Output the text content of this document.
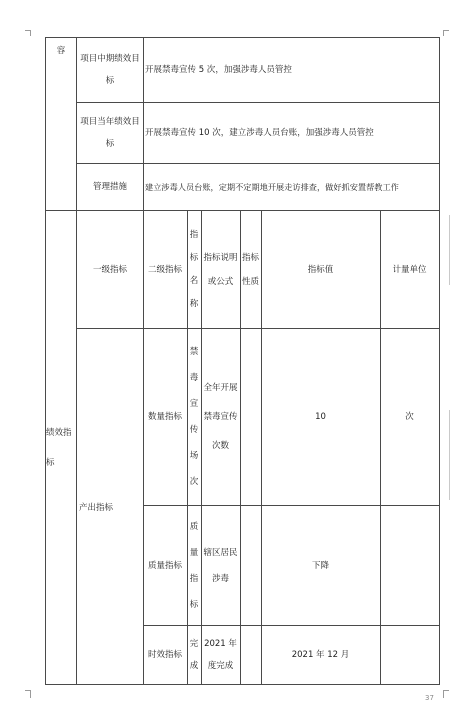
容
项目中期绩效目标
开展禁毒宣传 5 次，加强涉毒人员管控
项目当年绩效目标
开展禁毒宣传 10 次，建立涉毒人员台账，加强涉毒人员管控
管理措施 建立涉毒人员台账，定期不定期地开展走访排查，做好抓安置帮教工作
绩效指标
一级指标 二级指标
指标名称
指标说明或公式
指标性质
指标值	计量单位
产出指标
数量指标
禁毒宣传场次
全年开展禁毒宣传次数
10	次
质量指标
质量指标
辖区居民涉毒
下降
时效指标
完成
2021 年度完成
2021 年 12 月
37
